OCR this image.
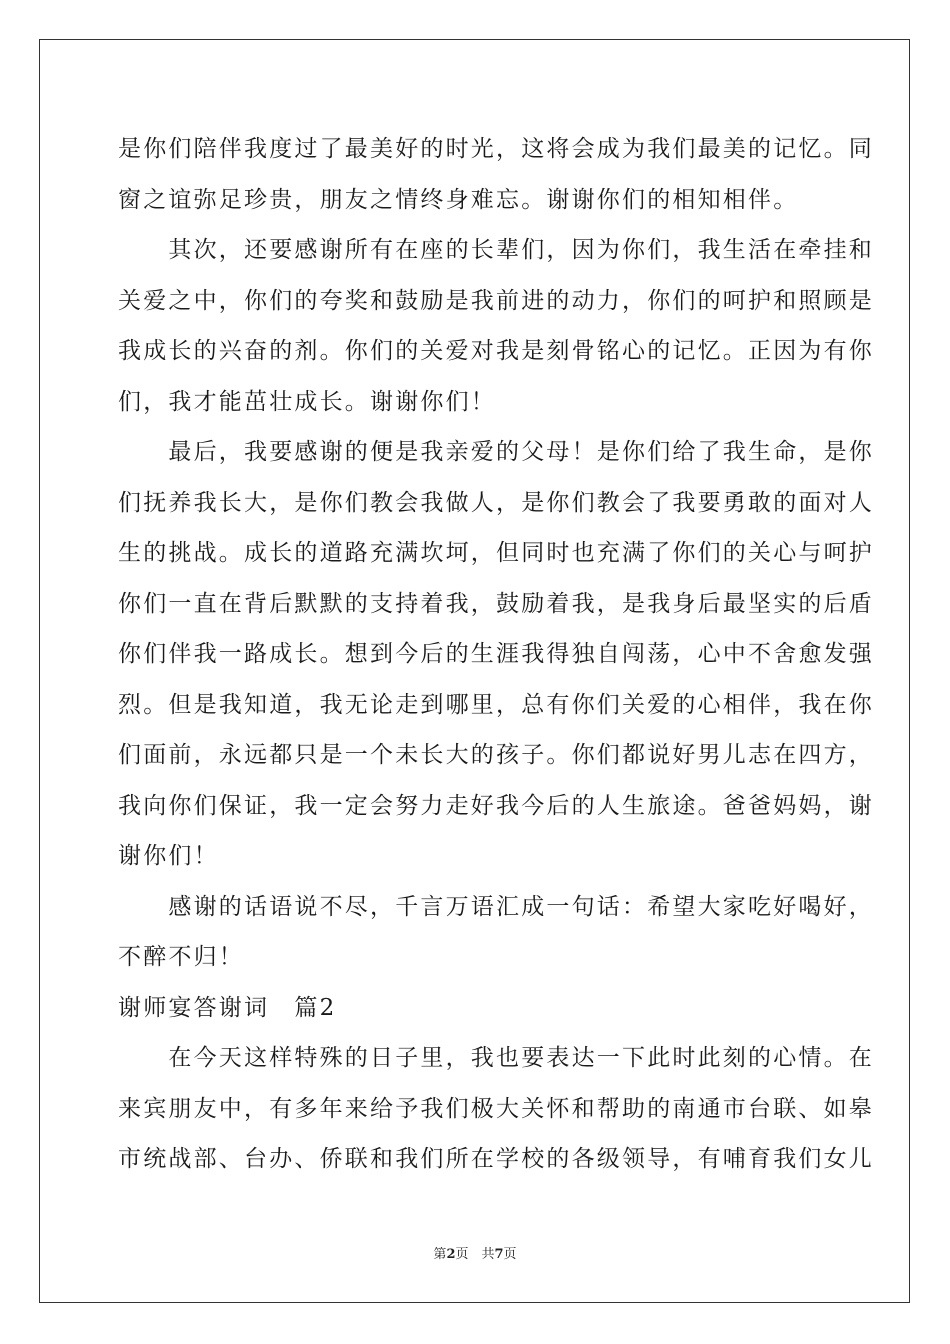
是你们陪伴我度过了最美好的时光，这将会成为我们最美的记忆。同
窗之谊弥足珍贵，朋友之情终身难忘。谢谢你们的相知相伴。
　　其次，还要感谢所有在座的长辈们，因为你们，我生活在牵挂和
关爱之中，你们的夸奖和鼓励是我前进的动力，你们的呵护和照顾是
我成长的兴奋的剂。你们的关爱对我是刻骨铭心的记忆。正因为有你
们，我才能茁壮成长。谢谢你们！
　　最后，我要感谢的便是我亲爱的父母！是你们给了我生命，是你
们抚养我长大，是你们教会我做人，是你们教会了我要勇敢的面对人
生的挑战。成长的道路充满坎坷，但同时也充满了你们的关心与呵护
你们一直在背后默默的支持着我，鼓励着我，是我身后最坚实的后盾
你们伴我一路成长。想到今后的生涯我得独自闯荡，心中不舍愈发强
烈。但是我知道，我无论走到哪里，总有你们关爱的心相伴，我在你
们面前，永远都只是一个未长大的孩子。你们都说好男儿志在四方，
我向你们保证，我一定会努力走好我今后的人生旅途。爸爸妈妈，谢
谢你们！
　　感谢的话语说不尽，千言万语汇成一句话：希望大家吃好喝好，
不醉不归！
谢师宴答谢词　篇2
　　在今天这样特殊的日子里，我也要表达一下此时此刻的心情。在
来宾朋友中，有多年来给予我们极大关怀和帮助的南通市台联、如皋
市统战部、台办、侨联和我们所在学校的各级领导，有哺育我们女儿
第2页　共7页
